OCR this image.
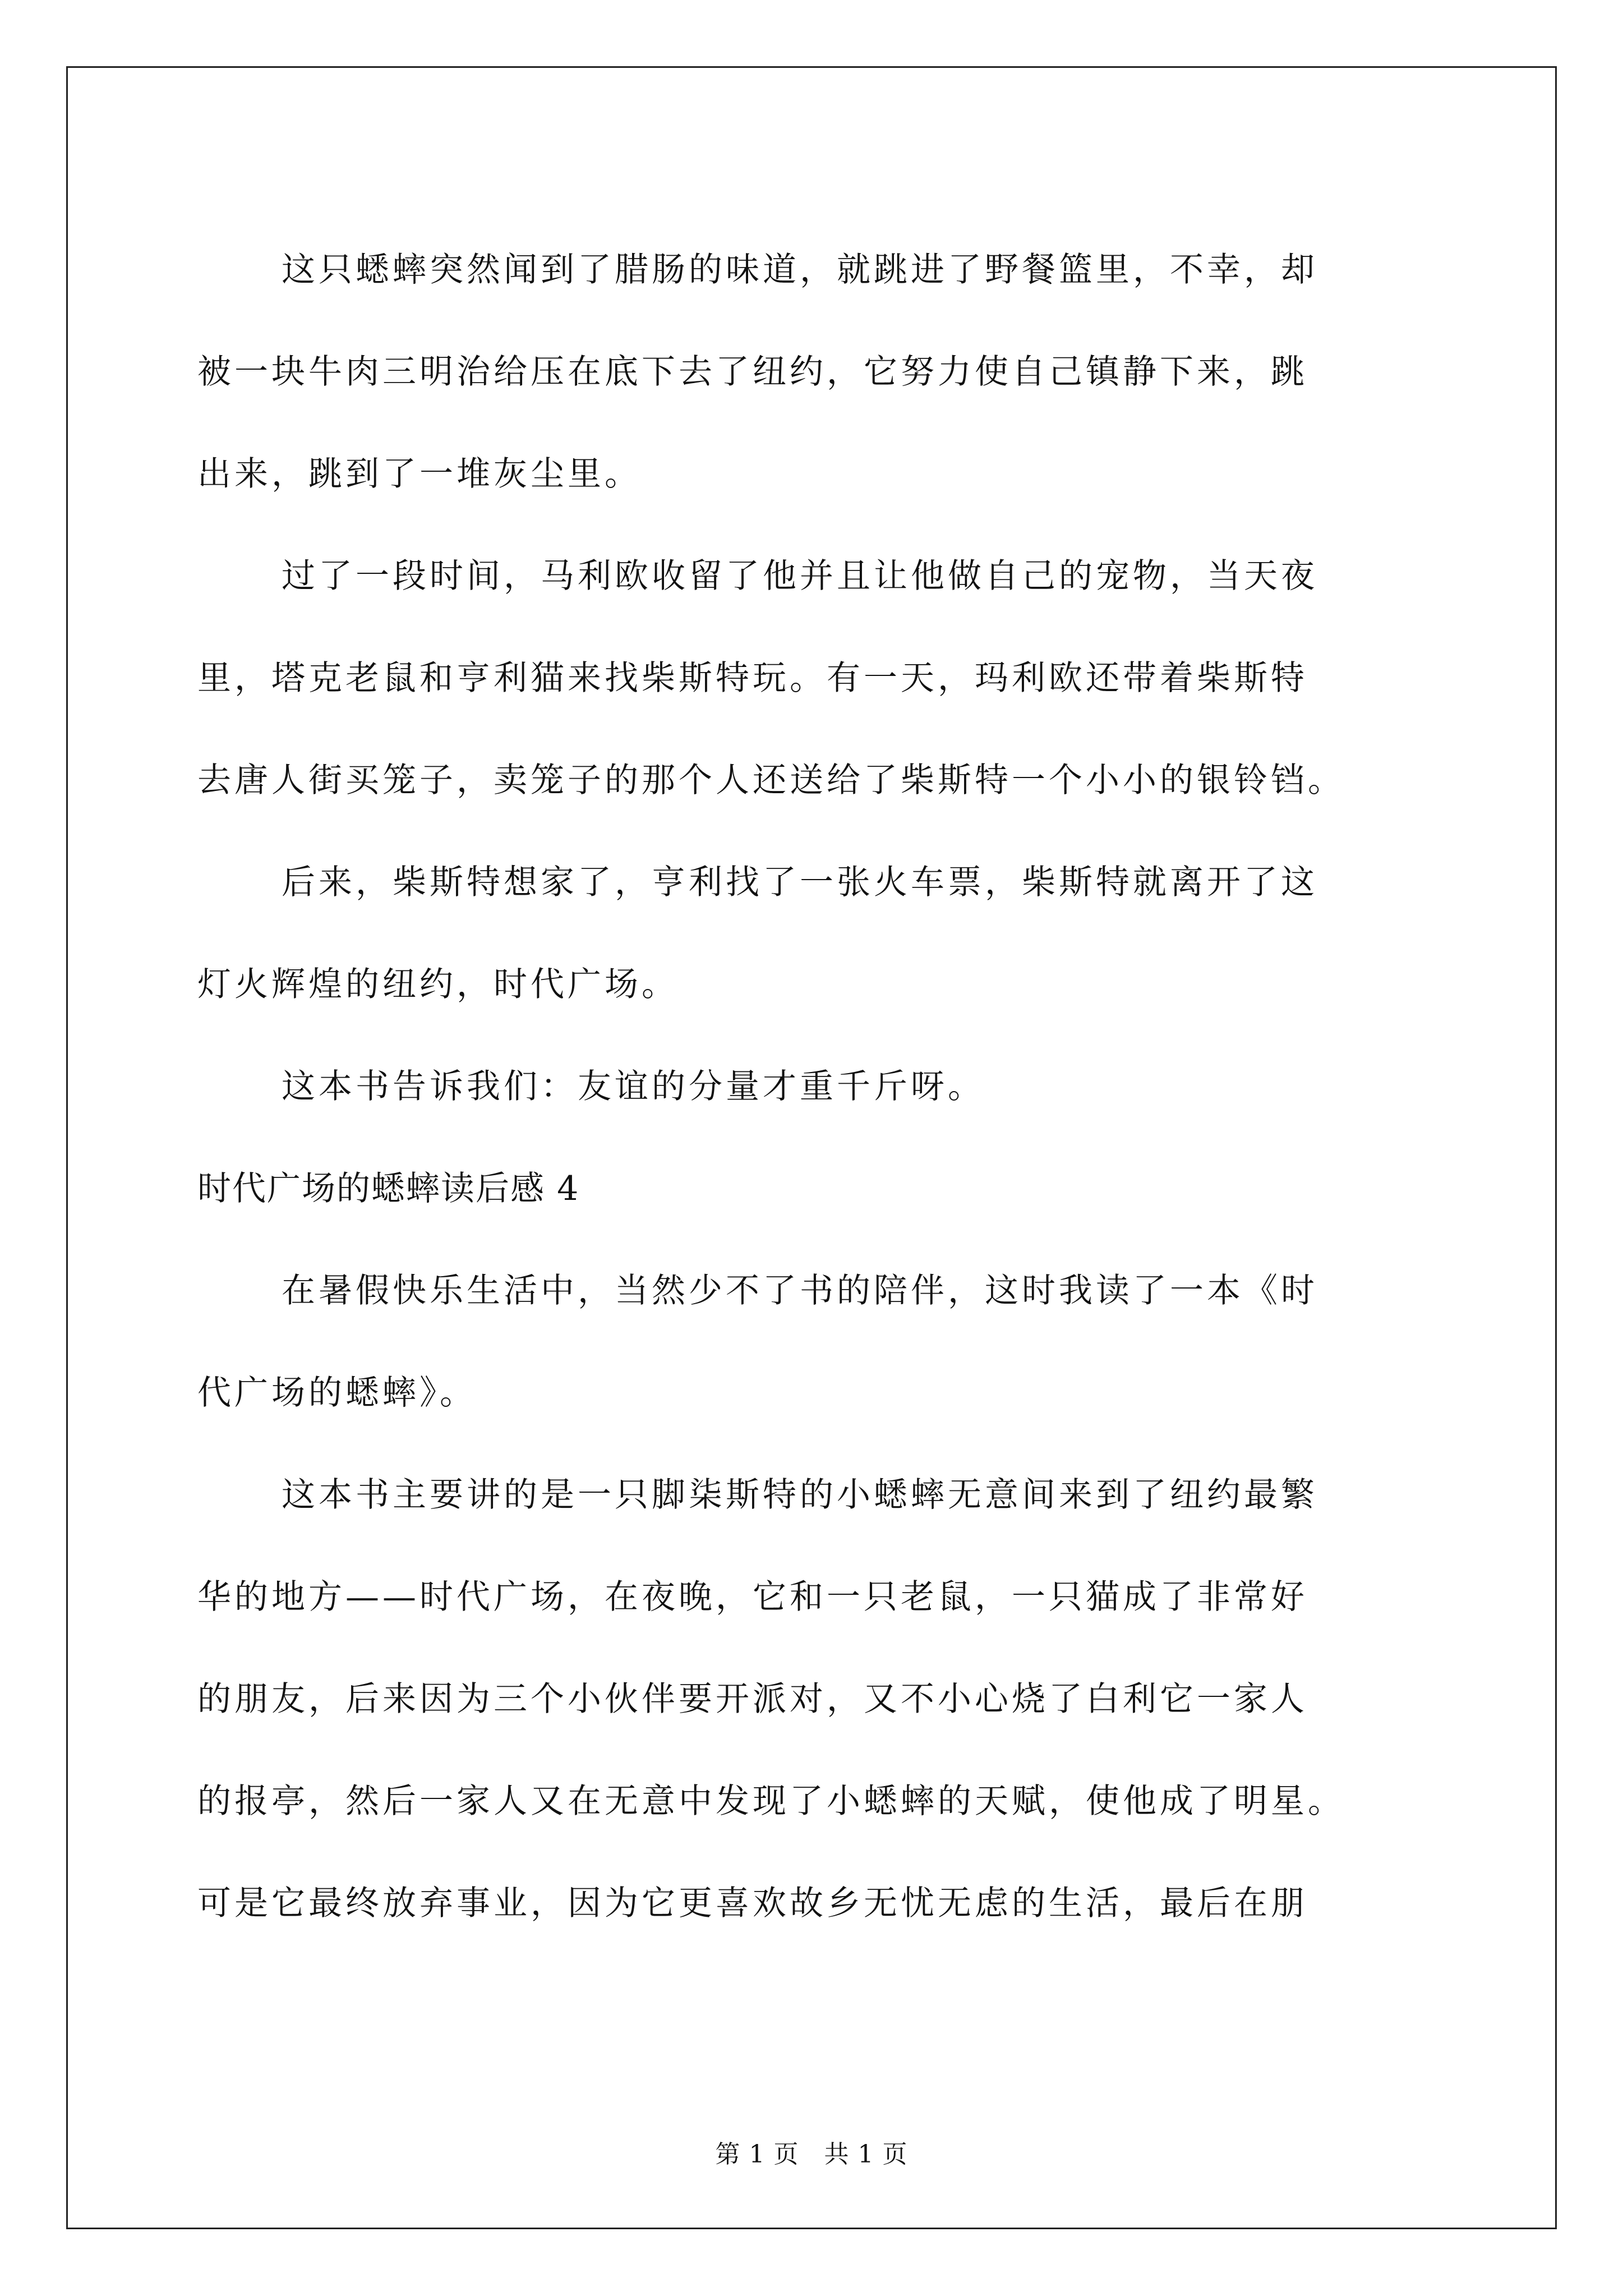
这只蟋蟀突然闻到了腊肠的味道，就跳进了野餐篮里，不幸，却
被一块牛肉三明治给压在底下去了纽约，它努力使自己镇静下来，跳
出来，跳到了一堆灰尘里。
过了一段时间，马利欧收留了他并且让他做自己的宠物，当天夜
里，塔克老鼠和亨利猫来找柴斯特玩。有一天，玛利欧还带着柴斯特
去唐人街买笼子，卖笼子的那个人还送给了柴斯特一个小小的银铃铛。
后来，柴斯特想家了，亨利找了一张火车票，柴斯特就离开了这
灯火辉煌的纽约，时代广场。
这本书告诉我们：友谊的分量才重千斤呀。
时代广场的蟋蟀读后感 4
在暑假快乐生活中，当然少不了书的陪伴，这时我读了一本《时
代广场的蟋蟀》。
这本书主要讲的是一只脚柒斯特的小蟋蟀无意间来到了纽约最繁
华的地方——时代广场，在夜晚，它和一只老鼠，一只猫成了非常好
的朋友，后来因为三个小伙伴要开派对，又不小心烧了白利它一家人
的报亭，然后一家人又在无意中发现了小蟋蟀的天赋，使他成了明星。
可是它最终放弃事业，因为它更喜欢故乡无忧无虑的生活，最后在朋
第 1 页　共 1 页
